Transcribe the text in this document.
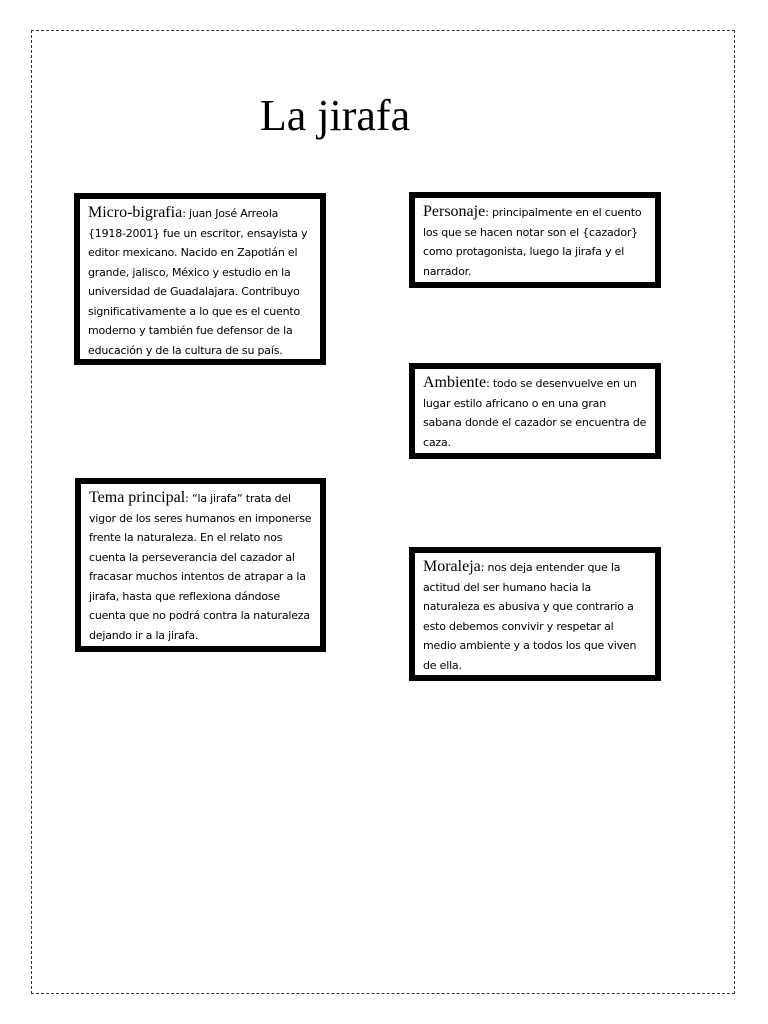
La jirafa
Micro-bigrafia: juan José Arreola {1918-2001} fue un escritor, ensayista y editor mexicano. Nacido en Zapotlán el grande, jalisco, México y estudio en la universidad de Guadalajara. Contribuyo significativamente a lo que es el cuento moderno y también fue defensor de la educación y de la cultura de su país.
Personaje: principalmente en el cuento los que se hacen notar son el {cazador} como protagonista, luego la jirafa y el narrador.
Ambiente: todo se desenvuelve en un lugar estilo africano o en una gran sabana donde el cazador se encuentra de caza.
Tema principal: “la jirafa” trata del vigor de los seres humanos en imponerse frente la naturaleza. En el relato nos cuenta la perseverancia del cazador al fracasar muchos intentos de atrapar a la jirafa, hasta que reflexiona dándose cuenta que no podrá contra la naturaleza dejando ir a la jirafa.
Moraleja: nos deja entender que la actitud del ser humano hacia la naturaleza es abusiva y que contrario a esto debemos convivir y respetar al medio ambiente y a todos los que viven de ella.
